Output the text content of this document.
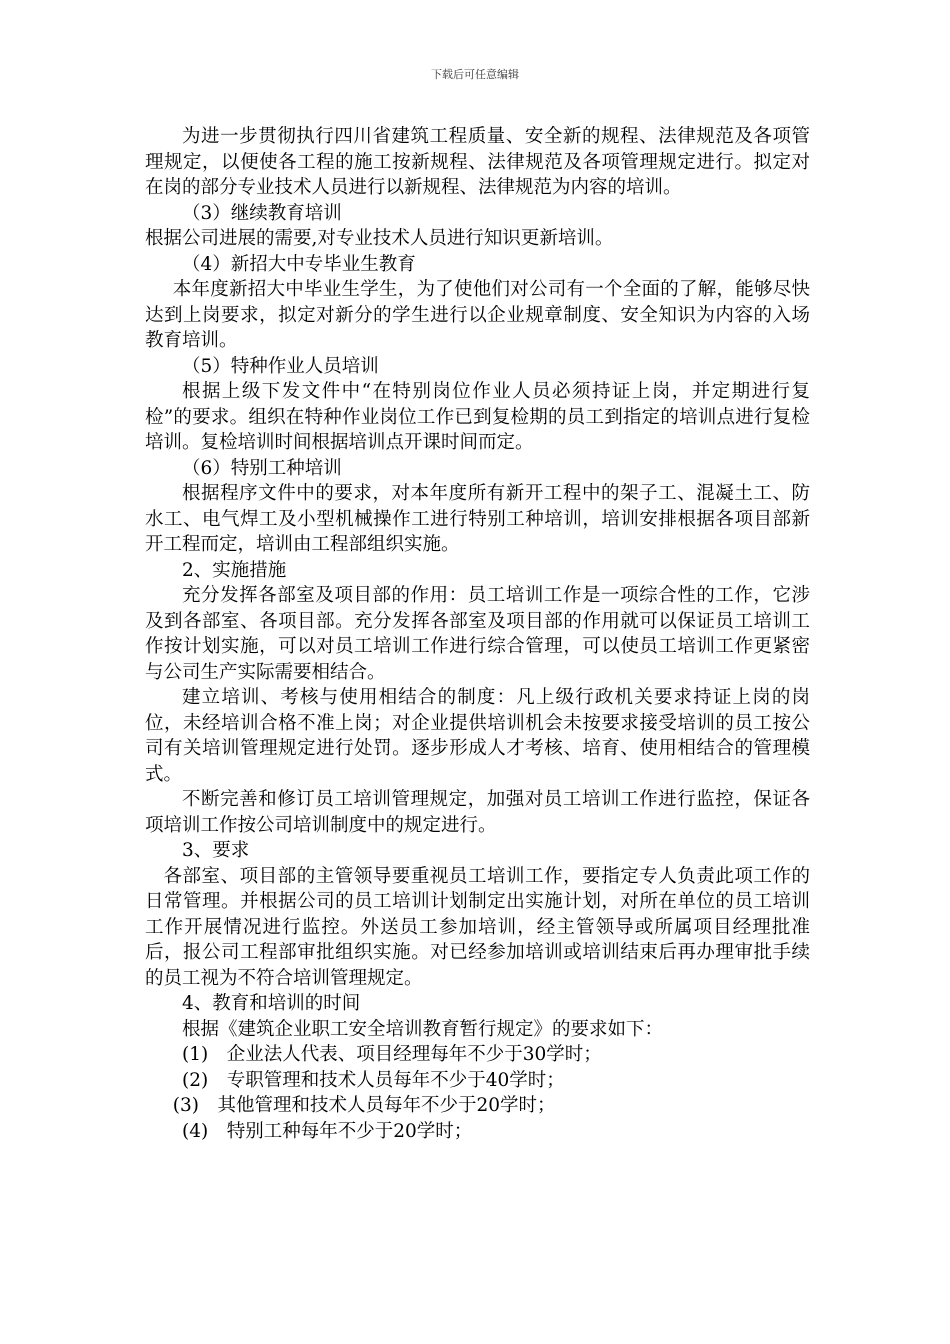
下载后可任意编辑

为进一步贯彻执行四川省建筑工程质量、安全新的规程、法律规范及各项管理规定，以便使各工程的施工按新规程、法律规范及各项管理规定进行。拟定对在岗的部分专业技术人员进行以新规程、法律规范为内容的培训。

（3）继续教育培训

根据公司进展的需要,对专业技术人员进行知识更新培训。

（4）新招大中专毕业生教育

本年度新招大中毕业生学生，为了使他们对公司有一个全面的了解，能够尽快达到上岗要求，拟定对新分的学生进行以企业规章制度、安全知识为内容的入场教育培训。

（5）特种作业人员培训

根据上级下发文件中“在特别岗位作业人员必须持证上岗，并定期进行复检”的要求。组织在特种作业岗位工作已到复检期的员工到指定的培训点进行复检培训。复检培训时间根据培训点开课时间而定。

（6）特别工种培训

根据程序文件中的要求，对本年度所有新开工程中的架子工、混凝土工、防水工、电气焊工及小型机械操作工进行特别工种培训，培训安排根据各项目部新开工程而定，培训由工程部组织实施。

2、实施措施

充分发挥各部室及项目部的作用：员工培训工作是一项综合性的工作，它涉及到各部室、各项目部。充分发挥各部室及项目部的作用就可以保证员工培训工作按计划实施，可以对员工培训工作进行综合管理，可以使员工培训工作更紧密与公司生产实际需要相结合。

建立培训、考核与使用相结合的制度：凡上级行政机关要求持证上岗的岗位，未经培训合格不准上岗；对企业提供培训机会未按要求接受培训的员工按公司有关培训管理规定进行处罚。逐步形成人才考核、培育、使用相结合的管理模式。

不断完善和修订员工培训管理规定，加强对员工培训工作进行监控，保证各项培训工作按公司培训制度中的规定进行。

3、要求

各部室、项目部的主管领导要重视员工培训工作，要指定专人负责此项工作的日常管理。并根据公司的员工培训计划制定出实施计划，对所在单位的员工培训工作开展情况进行监控。外送员工参加培训，经主管领导或所属项目经理批准后，报公司工程部审批组织实施。对已经参加培训或培训结束后再办理审批手续的员工视为不符合培训管理规定。

4、教育和培训的时间

根据《建筑企业职工安全培训教育暂行规定》的要求如下：

(1)　企业法人代表、项目经理每年不少于30学时；

(2)　专职管理和技术人员每年不少于40学时；

(3)　其他管理和技术人员每年不少于20学时；

(4)　特别工种每年不少于20学时；
